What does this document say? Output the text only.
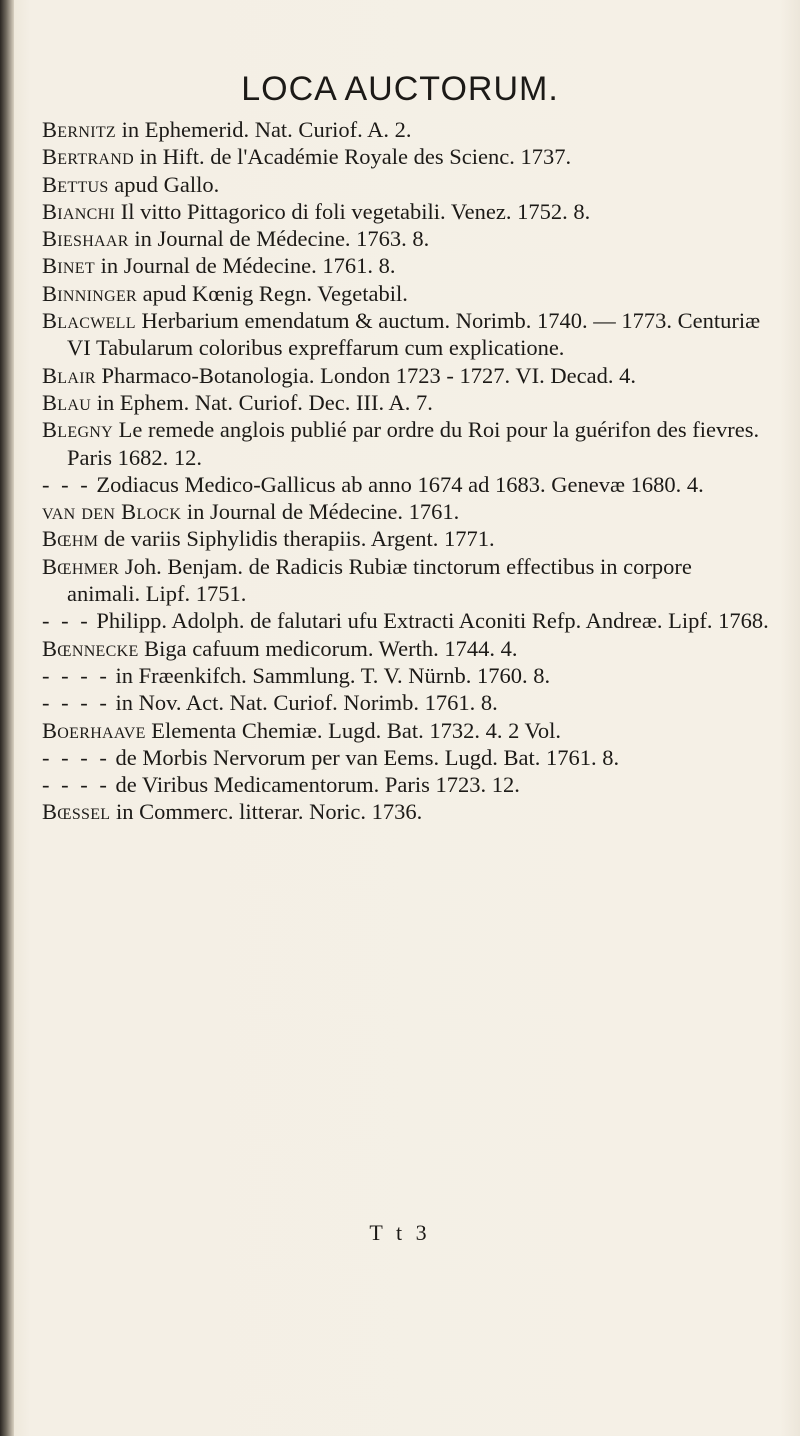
LOCA AUCTORUM.
Bernitz in Ephemerid. Nat. Curiof. A. 2.
Bertrand in Hift. de l'Académie Royale des Scienc. 1737.
Bettus apud Gallo.
Bianchi Il vitto Pittagorico di foli vegetabili. Venez. 1752. 8.
Bieshaar in Journal de Médecine. 1763. 8.
Binet in Journal de Médecine. 1761. 8.
Binninger apud Kœnig Regn. Vegetabil.
Blacwell Herbarium emendatum & auctum. Norimb. 1740. — 1773. Centuriæ VI Tabularum coloribus expreffarum cum explicatione.
Blair Pharmaco-Botanologia. London 1723 - 1727. VI. Decad. 4.
Blau in Ephem. Nat. Curiof. Dec. III. A. 7.
Blegny Le remede anglois publié par ordre du Roi pour la guérifon des fievres. Paris 1682. 12.
- - - Zodiacus Medico-Gallicus ab anno 1674 ad 1683. Genevæ 1680. 4.
van den Block in Journal de Médecine. 1761.
Bœhm de variis Siphylidis therapiis. Argent. 1771.
Bœhmer Joh. Benjam. de Radicis Rubiæ tinctorum effectibus in corpore animali. Lipf. 1751.
- - - Philipp. Adolph. de falutari ufu Extracti Aconiti Refp. Andreæ. Lipf. 1768.
Bœnnecke Biga cafuum medicorum. Werth. 1744. 4.
- - - - in Fræenkifch. Sammlung. T. V. Nürnb. 1760. 8.
- - - - in Nov. Act. Nat. Curiof. Norimb. 1761. 8.
Boerhaave Elementa Chemiæ. Lugd. Bat. 1732. 4. 2 Vol.
- - - - de Morbis Nervorum per van Eems. Lugd. Bat. 1761. 8.
- - - - de Viribus Medicamentorum. Paris 1723. 12.
Bœssel in Commerc. litterar. Noric. 1736.
T t 3
